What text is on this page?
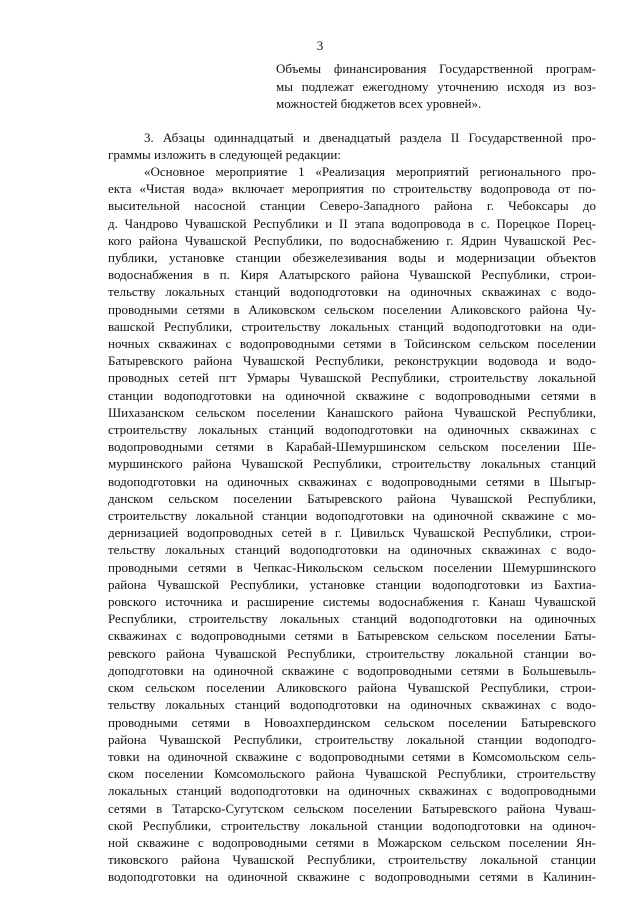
3
Объемы финансирования Государственной програм-
мы подлежат ежегодному уточнению исходя из воз-
можностей бюджетов всех уровней».
3. Абзацы одиннадцатый и двенадцатый раздела II Государственной про-
граммы изложить в следующей редакции:
«Основное мероприятие 1 «Реализация мероприятий регионального про-
екта «Чистая вода» включает мероприятия по строительству водопровода от по-
высительной насосной станции Северо-Западного района г. Чебоксары до
д. Чандрово Чувашской Республики и II этапа водопровода в с. Порецкое Порец-
кого района Чувашской Республики, по водоснабжению г. Ядрин Чувашской Рес-
публики, установке станции обезжелезивания воды и модернизации объектов
водоснабжения в п. Киря Алатырского района Чувашской Республики, строи-
тельству локальных станций водоподготовки на одиночных скважинах с водо-
проводными сетями в Аликовском сельском поселении Аликовского района Чу-
вашской Республики, строительству локальных станций водоподготовки на оди-
ночных скважинах с водопроводными сетями в Тойсинском сельском поселении
Батыревского района Чувашской Республики, реконструкции водовода и водо-
проводных сетей пгт Урмары Чувашской Республики, строительству локальной
станции водоподготовки на одиночной скважине с водопроводными сетями в
Шихазанском сельском поселении Канашского района Чувашской Республики,
строительству локальных станций водоподготовки на одиночных скважинах с
водопроводными сетями в Карабай-Шемуршинском сельском поселении Ше-
муршинского района Чувашской Республики, строительству локальных станций
водоподготовки на одиночных скважинах с водопроводными сетями в Шыгыр-
данском сельском поселении Батыревского района Чувашской Республики,
строительству локальной станции водоподготовки на одиночной скважине с мо-
дернизацией водопроводных сетей в г. Цивильск Чувашской Республики, строи-
тельству локальных станций водоподготовки на одиночных скважинах с водо-
проводными сетями в Чепкас-Никольском сельском поселении Шемуршинского
района Чувашской Республики, установке станции водоподготовки из Бахтиа-
ровского источника и расширение системы водоснабжения г. Канаш Чувашской
Республики, строительству локальных станций водоподготовки на одиночных
скважинах с водопроводными сетями в Батыревском сельском поселении Баты-
ревского района Чувашской Республики, строительству локальной станции во-
доподготовки на одиночной скважине с водопроводными сетями в Большевыль-
ском сельском поселении Аликовского района Чувашской Республики, строи-
тельству локальных станций водоподготовки на одиночных скважинах с водо-
проводными сетями в Новоахпердинском сельском поселении Батыревского
района Чувашской Республики, строительству локальной станции водоподго-
товки на одиночной скважине с водопроводными сетями в Комсомольском сель-
ском поселении Комсомольского района Чувашской Республики, строительству
локальных станций водоподготовки на одиночных скважинах с водопроводными
сетями в Татарско-Сугутском сельском поселении Батыревского района Чуваш-
ской Республики, строительству локальной станции водоподготовки на одиноч-
ной скважине с водопроводными сетями в Можарском сельском поселении Ян-
тиковского района Чувашской Республики, строительству локальной станции
водоподготовки на одиночной скважине с водопроводными сетями в Калинин-
